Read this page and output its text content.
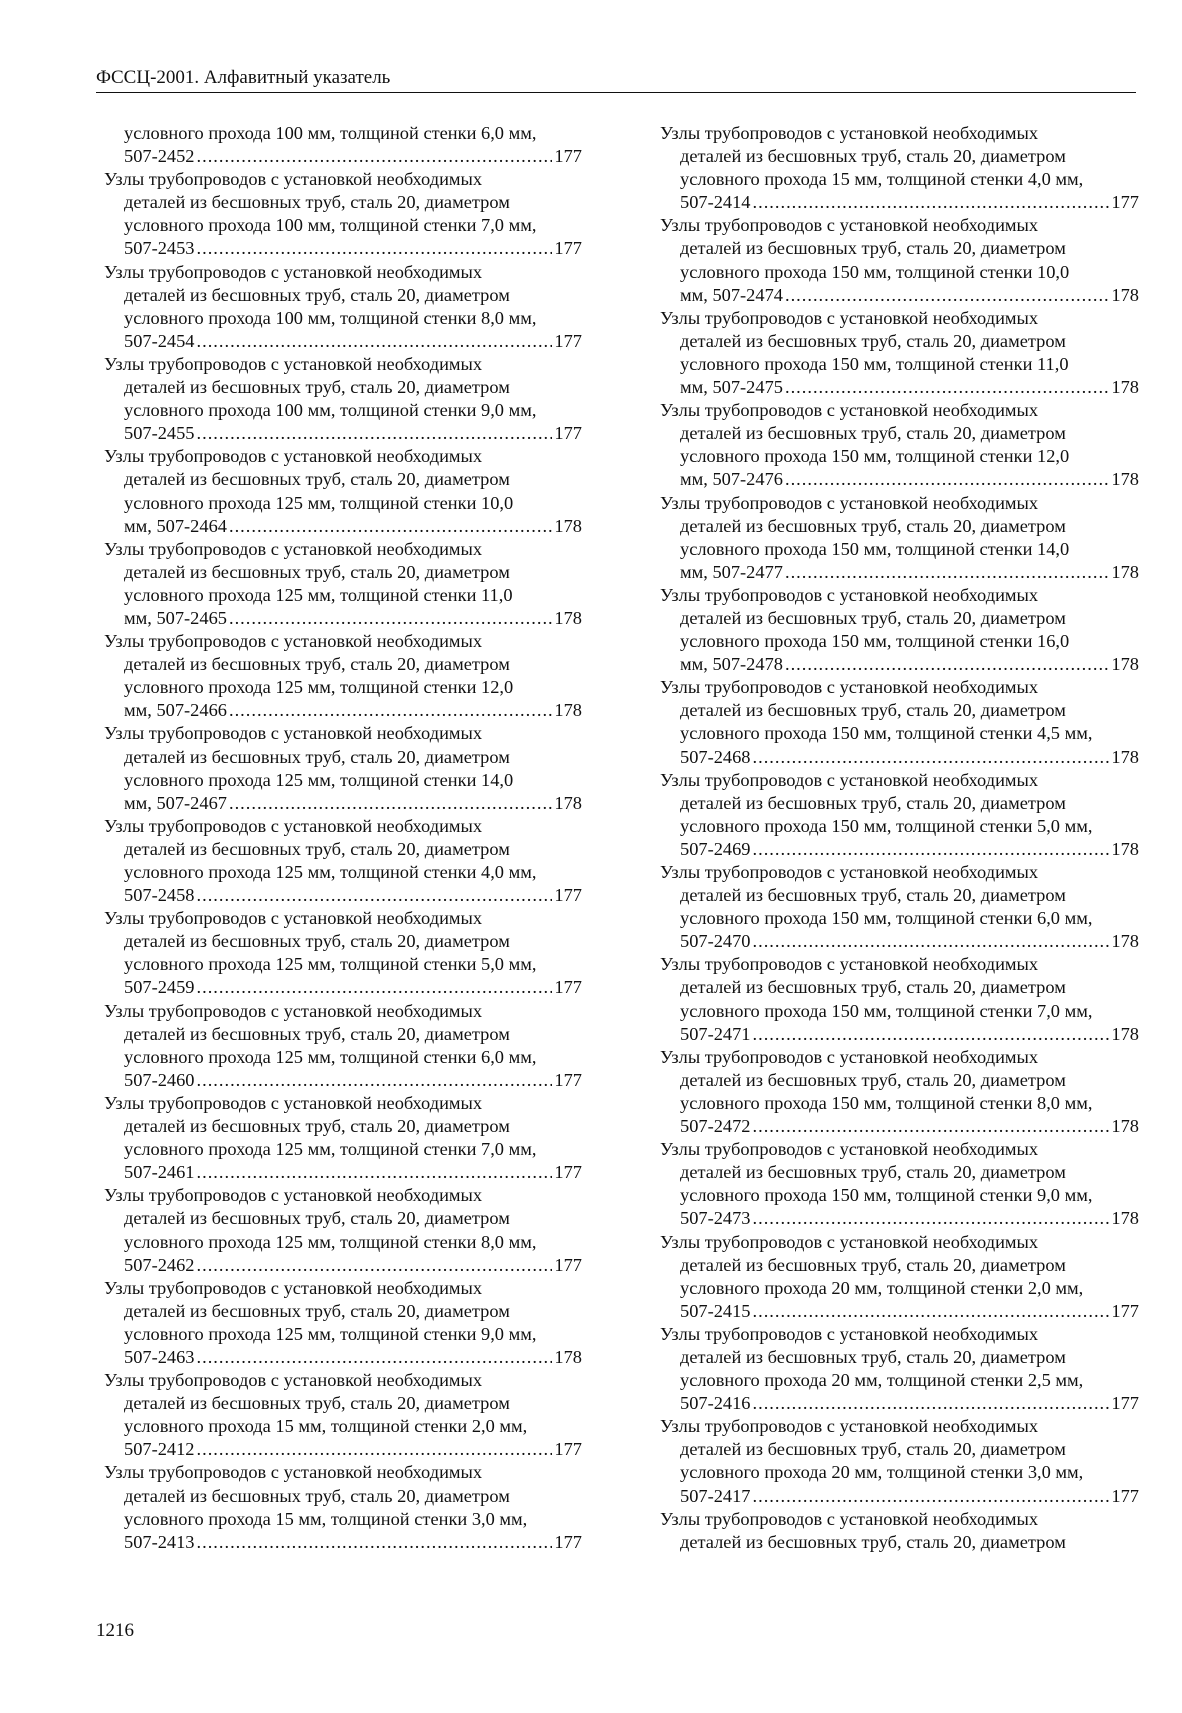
ФССЦ-2001. Алфавитный указатель
условного прохода 100 мм, толщиной стенки 6,0 мм,
507-2452 .....	177
Узлы трубопроводов с установкой необходимых
деталей из бесшовных труб, сталь 20, диаметром
условного прохода 100 мм, толщиной стенки 7,0 мм,
507-2453 .....	177
Узлы трубопроводов с установкой необходимых
деталей из бесшовных труб, сталь 20, диаметром
условного прохода 100 мм, толщиной стенки 8,0 мм,
507-2454 .....	177
Узлы трубопроводов с установкой необходимых
деталей из бесшовных труб, сталь 20, диаметром
условного прохода 100 мм, толщиной стенки 9,0 мм,
507-2455 .....	177
Узлы трубопроводов с установкой необходимых
деталей из бесшовных труб, сталь 20, диаметром
условного прохода 125 мм, толщиной стенки 10,0
мм, 507-2464 .....	178
Узлы трубопроводов с установкой необходимых
деталей из бесшовных труб, сталь 20, диаметром
условного прохода 125 мм, толщиной стенки 11,0
мм, 507-2465 .....	178
Узлы трубопроводов с установкой необходимых
деталей из бесшовных труб, сталь 20, диаметром
условного прохода 125 мм, толщиной стенки 12,0
мм, 507-2466 .....	178
Узлы трубопроводов с установкой необходимых
деталей из бесшовных труб, сталь 20, диаметром
условного прохода 125 мм, толщиной стенки 14,0
мм, 507-2467 .....	178
Узлы трубопроводов с установкой необходимых
деталей из бесшовных труб, сталь 20, диаметром
условного прохода 125 мм, толщиной стенки 4,0 мм,
507-2458 .....	177
Узлы трубопроводов с установкой необходимых
деталей из бесшовных труб, сталь 20, диаметром
условного прохода 125 мм, толщиной стенки 5,0 мм,
507-2459 .....	177
Узлы трубопроводов с установкой необходимых
деталей из бесшовных труб, сталь 20, диаметром
условного прохода 125 мм, толщиной стенки 6,0 мм,
507-2460 .....	177
Узлы трубопроводов с установкой необходимых
деталей из бесшовных труб, сталь 20, диаметром
условного прохода 125 мм, толщиной стенки 7,0 мм,
507-2461 .....	177
Узлы трубопроводов с установкой необходимых
деталей из бесшовных труб, сталь 20, диаметром
условного прохода 125 мм, толщиной стенки 8,0 мм,
507-2462 .....	177
Узлы трубопроводов с установкой необходимых
деталей из бесшовных труб, сталь 20, диаметром
условного прохода 125 мм, толщиной стенки 9,0 мм,
507-2463 .....	178
Узлы трубопроводов с установкой необходимых
деталей из бесшовных труб, сталь 20, диаметром
условного прохода 15 мм, толщиной стенки 2,0 мм,
507-2412 .....	177
Узлы трубопроводов с установкой необходимых
деталей из бесшовных труб, сталь 20, диаметром
условного прохода 15 мм, толщиной стенки 3,0 мм,
507-2413 .....	177
Узлы трубопроводов с установкой необходимых
деталей из бесшовных труб, сталь 20, диаметром
условного прохода 15 мм, толщиной стенки 4,0 мм,
507-2414 .....	177
Узлы трубопроводов с установкой необходимых
деталей из бесшовных труб, сталь 20, диаметром
условного прохода 150 мм, толщиной стенки 10,0
мм, 507-2474 .....	178
Узлы трубопроводов с установкой необходимых
деталей из бесшовных труб, сталь 20, диаметром
условного прохода 150 мм, толщиной стенки 11,0
мм, 507-2475 .....	178
Узлы трубопроводов с установкой необходимых
деталей из бесшовных труб, сталь 20, диаметром
условного прохода 150 мм, толщиной стенки 12,0
мм, 507-2476 .....	178
Узлы трубопроводов с установкой необходимых
деталей из бесшовных труб, сталь 20, диаметром
условного прохода 150 мм, толщиной стенки 14,0
мм, 507-2477 .....	178
Узлы трубопроводов с установкой необходимых
деталей из бесшовных труб, сталь 20, диаметром
условного прохода 150 мм, толщиной стенки 16,0
мм, 507-2478 .....	178
Узлы трубопроводов с установкой необходимых
деталей из бесшовных труб, сталь 20, диаметром
условного прохода 150 мм, толщиной стенки 4,5 мм,
507-2468 .....	178
Узлы трубопроводов с установкой необходимых
деталей из бесшовных труб, сталь 20, диаметром
условного прохода 150 мм, толщиной стенки 5,0 мм,
507-2469 .....	178
Узлы трубопроводов с установкой необходимых
деталей из бесшовных труб, сталь 20, диаметром
условного прохода 150 мм, толщиной стенки 6,0 мм,
507-2470 .....	178
Узлы трубопроводов с установкой необходимых
деталей из бесшовных труб, сталь 20, диаметром
условного прохода 150 мм, толщиной стенки 7,0 мм,
507-2471 .....	178
Узлы трубопроводов с установкой необходимых
деталей из бесшовных труб, сталь 20, диаметром
условного прохода 150 мм, толщиной стенки 8,0 мм,
507-2472 .....	178
Узлы трубопроводов с установкой необходимых
деталей из бесшовных труб, сталь 20, диаметром
условного прохода 150 мм, толщиной стенки 9,0 мм,
507-2473 .....	178
Узлы трубопроводов с установкой необходимых
деталей из бесшовных труб, сталь 20, диаметром
условного прохода 20 мм, толщиной стенки 2,0 мм,
507-2415 .....	177
Узлы трубопроводов с установкой необходимых
деталей из бесшовных труб, сталь 20, диаметром
условного прохода 20 мм, толщиной стенки 2,5 мм,
507-2416 .....	177
Узлы трубопроводов с установкой необходимых
деталей из бесшовных труб, сталь 20, диаметром
условного прохода 20 мм, толщиной стенки 3,0 мм,
507-2417 .....	177
Узлы трубопроводов с установкой необходимых
деталей из бесшовных труб, сталь 20, диаметром
1216
